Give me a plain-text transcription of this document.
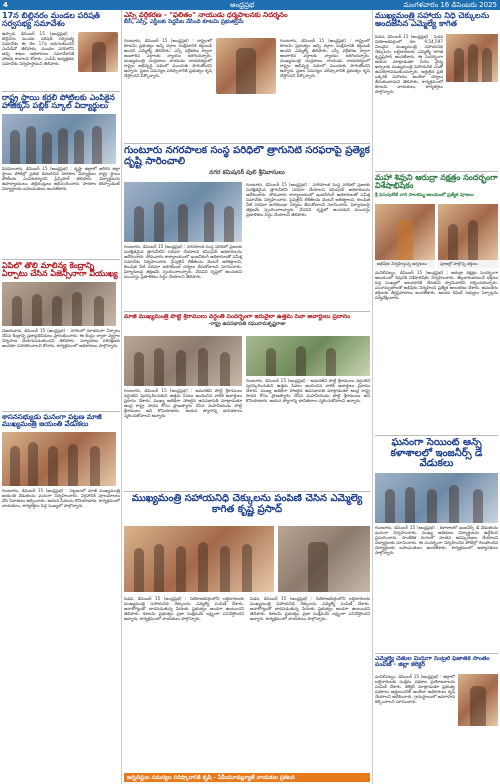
4	ఆంధ్రప్రభ	మంగళవారం 16 డిసెంబరు 2025
17న బిల్లినరం మండల పరిషత్ సర్వసభ్య సమావేశం
ఉప్పాడ, డిసెంబర్ 15 (ఆంధ్రప్రభ) : బిల్లినరం మండల పరిషత్ సర్వసభ్య సమావేశం ఈ నెల 17న జరుగుతుందని ఎంపీడీవో తెలిపారు. మండల పరిధిలోని అన్ని శాఖల అధికారులు సమావేశానికి హాజరు కావాలని కోరారు. ఎంపీపీ అధ్యక్షతన సమావేశం నిర్వహిస్తామని తెలిపారు.
రాష్ట్ర స్థాయి కర్రలీ పోటీలకు ఎంపికైన హాజిక్కస్ పబ్లిక్ స్కూల్ విద్యార్థులు
పెనమలూరు, డిసెంబర్ 15 (ఆంధ్రప్రభ) : కృష్ణా జిల్లాలో జరిగిన జిల్లా స్థాయి పోటీల్లో ప్రతిభ కనబరిచిన పాఠశాల విద్యార్థులు రాష్ట్ర స్థాయి పోటీలకు ఎంపికయ్యారని ప్రిన్సిపాల్ తెలిపారు. విద్యార్థులను ఉపాధ్యాయులు, తల్లిదండ్రులు అభినందించారు. పాఠశాల కరెస్పాండెంట్ విద్యార్థులకు బహుమతులు అందజేశారు.
ఏపీలో తొలి మాలిన్య కేంద్రాన్ని ఏర్పాటు చేసిన ఏజెన్సీనాగా వీయుఖ్య
విజయవాడ, డిసెంబర్ 15 (ఆంధ్రప్రభ) : నగరంలో నూతనంగా ఏర్పాటు చేసిన కేంద్రాన్ని ప్రజాప్రతినిధులు ప్రారంభించారు. ఈ కేంద్రం ద్వారా వ్యర్థాల నిర్వహణ మెరుగుపడుతుందని తెలిపారు. పర్యావరణ పరిరక్షణకు అందరూ సహకరించాలని కోరారు. కార్యక్రమంలో అధికారులు పాల్గొన్నారు.
శాసనసభ్యుడు ఘనంగా పట్టణ మాజీ ముఖ్యమంత్రి జయంతి వేడుకలు
గుంటూరు, డిసెంబర్ 15 (ఆంధ్రప్రభ) : పట్టణంలో మాజీ ముఖ్యమంత్రి జయంతి వేడుకలను ఘనంగా నిర్వహించారు. విగ్రహానికి పూలమాలలు వేసి నివాళులు అర్పించారు. ఆయన సేవలను కొనియాడారు. కార్యక్రమంలో నాయకులు, కార్యకర్తలు పెద్ద సంఖ్యలో పాల్గొన్నారు.
ఎస్సీ వర్గీకరణ - "ఫలితం" నాయుడు ధర్మపాలనకు నిదర్శనం
బీసీ, ఎస్సీ, ఎస్టీలకు పెద్దపీట వేసింది కూటమి ప్రభుత్వమే
గుంటూరు, డిసెంబర్ 15 (ఆంధ్రప్రభ) : రాష్ట్రంలో కూటమి ప్రభుత్వం అన్ని వర్గాల సంక్షేమానికి కట్టుబడి ఉందని ఎమ్మెల్యే తెలిపారు. ఎస్సీ వర్గీకరణ ద్వారా అణగారిన వర్గాలకు న్యాయం జరిగిందన్నారు. ముఖ్యమంత్రి చంద్రబాబు నాయుడు నాయకత్వంలో రాష్ట్రం అభివృద్ధి పథంలో ముందుకు సాగుతోందని అన్నారు. ప్రజల సమస్యల పరిష్కారానికి ప్రభుత్వం కృషి చేస్తోందని పేర్కొన్నారు.
గుంటూరు, డిసెంబర్ 15 (ఆంధ్రప్రభ) : రాష్ట్రంలో కూటమి ప్రభుత్వం అన్ని వర్గాల సంక్షేమానికి కట్టుబడి ఉందని ఎమ్మెల్యే తెలిపారు. ఎస్సీ వర్గీకరణ ద్వారా అణగారిన వర్గాలకు న్యాయం జరిగిందన్నారు. ముఖ్యమంత్రి చంద్రబాబు నాయుడు నాయకత్వంలో రాష్ట్రం అభివృద్ధి పథంలో ముందుకు సాగుతోందని అన్నారు. ప్రజల సమస్యల పరిష్కారానికి ప్రభుత్వం కృషి చేస్తోందని పేర్కొన్నారు.
గుంటూరు నగరపాలక సంస్థ పరిధిలో త్రాగునీటి సరఫరాపై ప్రత్యేక దృష్టి సారించాలి
నగర కమిషనర్ పులి శ్రీనివాసులు
గుంటూరు, డిసెంబర్ 15 (ఆంధ్రప్రభ) : నగరపాలక సంస్థ పరిధిలో ప్రజలకు సురక్షితమైన త్రాగునీటిని సరఫరా చేయాలని కమిషనర్ అధికారులను ఆదేశించారు. సోమవారం కార్యాలయంలో ఇంజనీరింగ్ అధికారులతో సమీక్ష సమావేశం నిర్వహించారు. పైపులైన్ లీకేజీలను వెంటనే అరికట్టాలని, కలుషిత నీటి సరఫరా జరగకుండా చర్యలు తీసుకోవాలని సూచించారు. ఫిర్యాదులపై తక్షణమే స్పందించాలన్నారు. వేసవిని దృష్టిలో ఉంచుకుని ముందస్తు ప్రణాళికలు సిద్ధం చేయాలని తెలిపారు.
గుంటూరు, డిసెంబర్ 15 (ఆంధ్రప్రభ) : నగరపాలక సంస్థ పరిధిలో ప్రజలకు సురక్షితమైన త్రాగునీటిని సరఫరా చేయాలని కమిషనర్ అధికారులను ఆదేశించారు. సోమవారం కార్యాలయంలో ఇంజనీరింగ్ అధికారులతో సమీక్ష సమావేశం నిర్వహించారు. పైపులైన్ లీకేజీలను వెంటనే అరికట్టాలని, కలుషిత నీటి సరఫరా జరగకుండా చర్యలు తీసుకోవాలని సూచించారు. ఫిర్యాదులపై తక్షణమే స్పందించాలన్నారు. వేసవిని దృష్టిలో ఉంచుకుని ముందస్తు ప్రణాళికలు సిద్ధం చేయాలని తెలిపారు.
మాజీ ముఖ్యమంత్రి పొట్టి శ్రీరాములు వర్ధంతి సందర్భంగా ఇరువైలా ఉత్తమ సేవా అవార్డులు ప్రదానం
-రాష్ట్ర ఉపసభాపతి రఘురామకృష్ణరాజు
గుంటూరు, డిసెంబర్ 15 (ఆంధ్రప్రభ) : అమరజీవి పొట్టి శ్రీరాములు వర్ధంతిని పురస్కరించుకుని ఉత్తమ సేవలు అందించిన వారికి అవార్డులు ప్రదానం చేశారు. ముఖ్య అతిథిగా హాజరైన ఉపసభాపతి మాట్లాడుతూ ఆంధ్ర రాష్ట్ర సాధన కోసం ప్రాణత్యాగం చేసిన మహనీయుడు పొట్టి శ్రీరాములు అని కొనియాడారు. ఆయన త్యాగాన్ని భావితరాలు స్మరించుకోవాలని అన్నారు.
గుంటూరు, డిసెంబర్ 15 (ఆంధ్రప్రభ) : అమరజీవి పొట్టి శ్రీరాములు వర్ధంతిని పురస్కరించుకుని ఉత్తమ సేవలు అందించిన వారికి అవార్డులు ప్రదానం చేశారు. ముఖ్య అతిథిగా హాజరైన ఉపసభాపతి మాట్లాడుతూ ఆంధ్ర రాష్ట్ర సాధన కోసం ప్రాణత్యాగం చేసిన మహనీయుడు పొట్టి శ్రీరాములు అని కొనియాడారు. ఆయన త్యాగాన్ని భావితరాలు స్మరించుకోవాలని అన్నారు.
ముఖ్యమంత్రి సహాయనిధి చెక్కులను పంపిణీ చేసిన ఎమ్మెల్యే కాగిత కృష్ణ ప్రసాద్
పెడన, డిసెంబర్ 15 (ఆంధ్రప్రభ) : నియోజకవర్గంలోని లబ్ధిదారులకు ముఖ్యమంత్రి సహాయనిధి చెక్కులను ఎమ్మెల్యే పంపిణీ చేశారు. అనారోగ్యంతో బాధపడుతున్న పేదలకు ప్రభుత్వం అండగా ఉంటుందని తెలిపారు. కూటమి ప్రభుత్వం ప్రజా సంక్షేమమే లక్ష్యంగా పనిచేస్తోందని అన్నారు. కార్యక్రమంలో నాయకులు పాల్గొన్నారు.
పెడన, డిసెంబర్ 15 (ఆంధ్రప్రభ) : నియోజకవర్గంలోని లబ్ధిదారులకు ముఖ్యమంత్రి సహాయనిధి చెక్కులను ఎమ్మెల్యే పంపిణీ చేశారు. అనారోగ్యంతో బాధపడుతున్న పేదలకు ప్రభుత్వం అండగా ఉంటుందని తెలిపారు. కూటమి ప్రభుత్వం ప్రజా సంక్షేమమే లక్ష్యంగా పనిచేస్తోందని అన్నారు. కార్యక్రమంలో నాయకులు పాల్గొన్నారు.
జర్నలిస్టుల సమస్యల పరిష్కారానికి కృషి - ఏపీయూడబ్ల్యూజే నాయకుల ప్రకటన
ముఖ్యమంత్రి సహాయ నిధి చెక్కులను అందజేసిన ఎమ్మెల్యే కాగిత
పెడన, డిసెంబర్ 15 (ఆంధ్రప్రభ) : పెడన నియోజకవర్గంలో రూ. 9,54,597 విలువైన ముఖ్యమంత్రి సహాయనిధి చెక్కులను లబ్ధిదారులకు ఎమ్మెల్యే కాగిత కృష్ణప్రసాద్ అందజేశారు. ఈ సందర్భంగా ఆయన మాట్లాడుతూ పేదల వైద్య ఖర్చులకు ముఖ్యమంత్రి సహాయనిధి ఎంతో ఉపయోగపడుతుందన్నారు. అర్హులైన ప్రతి ఒక్కరికీ సహాయం అందేలా చర్యలు తీసుకుంటామని తెలిపారు. కార్యక్రమంలో కూటమి నాయకులు, కార్యకర్తలు పాల్గొన్నారు.
మహా శివుని ఆరుద్రా నక్షత్రం సందర్భంగా విశేషాభిషేకం
శ్రీ పసుపులేటి వారి పాలకమ్మ ఆలయంలో ప్రత్యేక పూజలు
అభిషేకం నిర్వహిస్తున్న అర్చకులు	పూజల్లో పాల్గొన్న భక్తులు
మచిలీపట్నం, డిసెంబర్ 15 (ఆంధ్రప్రభ) : ఆరుద్రా నక్షత్రం సందర్భంగా ఆలయంలో శివునికి విశేషాభిషేకం నిర్వహించారు. తెల్లవారుజామునే భక్తులు పెద్ద సంఖ్యలో ఆలయానికి చేరుకుని స్వామివారిని దర్శించుకున్నారు. పంచామృతాలతో అభిషేకం నిర్వహించి ప్రత్యేక అలంకరణ చేశారు. అనంతరం భక్తులకు తీర్థప్రసాదాలు అందజేశారు. ఆలయ కమిటీ సభ్యులు ఏర్పాట్లను పర్యవేక్షించారు.
ఘనంగా సెయింట్ ఆన్స్ కళాశాలలో ఇంజనీర్స్ డే వేడుకలు
గుంటూరు, డిసెంబర్ 15 (ఆంధ్రప్రభ) : కళాశాలలో ఇంజనీర్స్ డే వేడుకలను ఘనంగా నిర్వహించారు. ముఖ్య అతిథులు విద్యార్థులను ఉద్దేశించి ప్రసంగించారు. సాంకేతిక రంగంలో నూతన ఆవిష్కరణలు చేయాలని విద్యార్థులకు సూచించారు. ఈ సందర్భంగా నిర్వహించిన పోటీల్లో గెలుపొందిన విద్యార్థులకు బహుమతులు అందజేశారు. కార్యక్రమంలో అధ్యాపకులు పాల్గొన్నారు.
ఎమ్మెల్యే చేతుల మీదుగా సెంట్రల్ ఫిజాతక సాంతం పంపిణీ - జిల్లా కలెక్టర్
మచిలీపట్నం, డిసెంబర్ 15 (ఆంధ్రప్రభ) : జిల్లాలో లబ్ధిదారులకు సంక్షేమ పథకాల ప్రయోజనాలను పంపిణీ చేశారు. కలెక్టర్ మాట్లాడుతూ ప్రభుత్వ పథకాలు అర్హులందరికీ అందేలా అధికారులు కృషి చేయాలని ఆదేశించారు. గ్రామస్థాయిలో అవగాహన కల్పించాలని సూచించారు.
